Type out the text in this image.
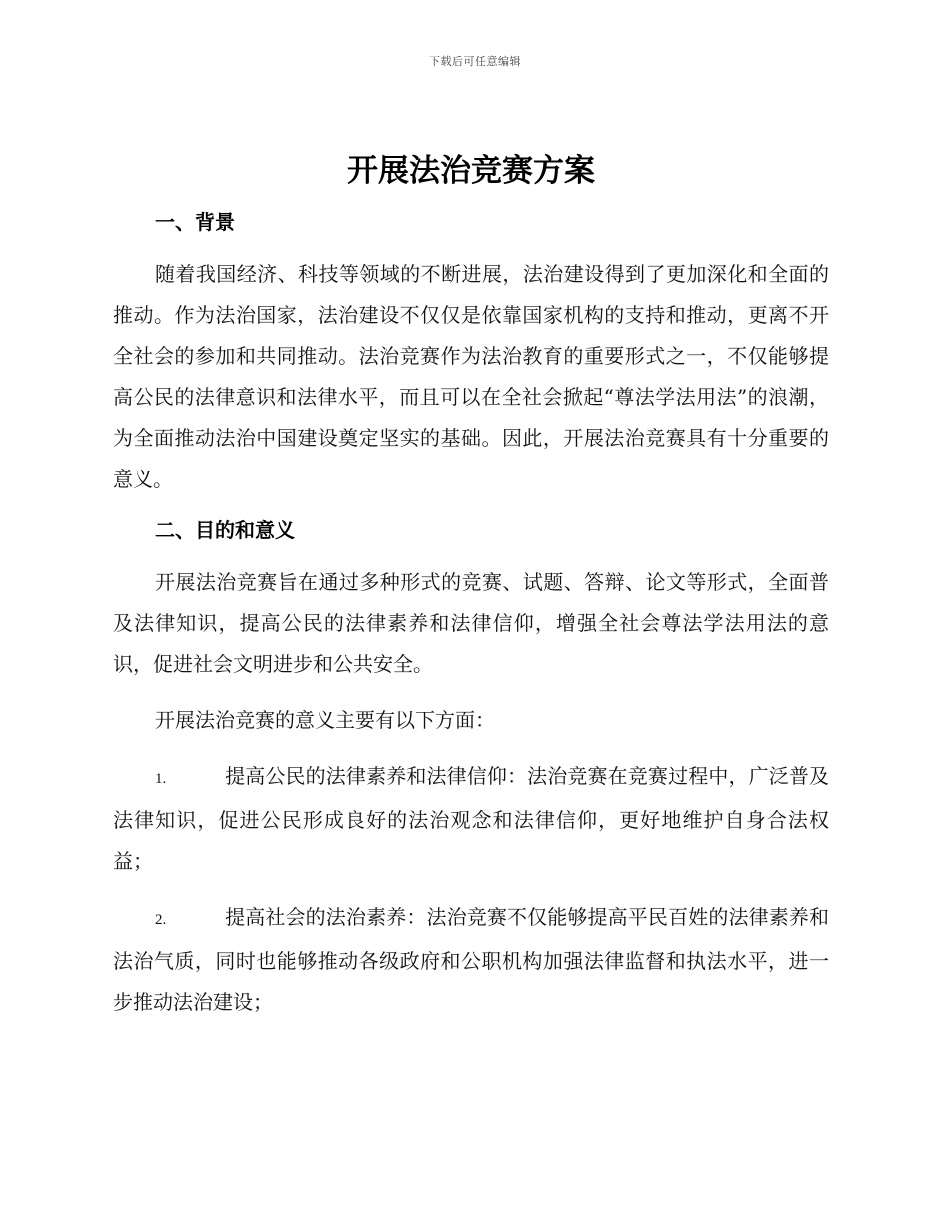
下载后可任意编辑
开展法治竞赛方案
一、背景

随着我国经济、科技等领域的不断进展，法治建设得到了更加深化和全面的推动。作为法治国家，法治建设不仅仅是依靠国家机构的支持和推动，更离不开全社会的参加和共同推动。法治竞赛作为法治教育的重要形式之一，不仅能够提高公民的法律意识和法律水平，而且可以在全社会掀起“尊法学法用法”的浪潮，为全面推动法治中国建设奠定坚实的基础。因此，开展法治竞赛具有十分重要的意义。

二、目的和意义

开展法治竞赛旨在通过多种形式的竞赛、试题、答辩、论文等形式，全面普及法律知识，提高公民的法律素养和法律信仰，增强全社会尊法学法用法的意识，促进社会文明进步和公共安全。

开展法治竞赛的意义主要有以下方面：

1.	提高公民的法律素养和法律信仰：法治竞赛在竞赛过程中，广泛普及法律知识，促进公民形成良好的法治观念和法律信仰，更好地维护自身合法权益；

2.	提高社会的法治素养：法治竞赛不仅能够提高平民百姓的法律素养和法治气质，同时也能够推动各级政府和公职机构加强法律监督和执法水平，进一步推动法治建设；
